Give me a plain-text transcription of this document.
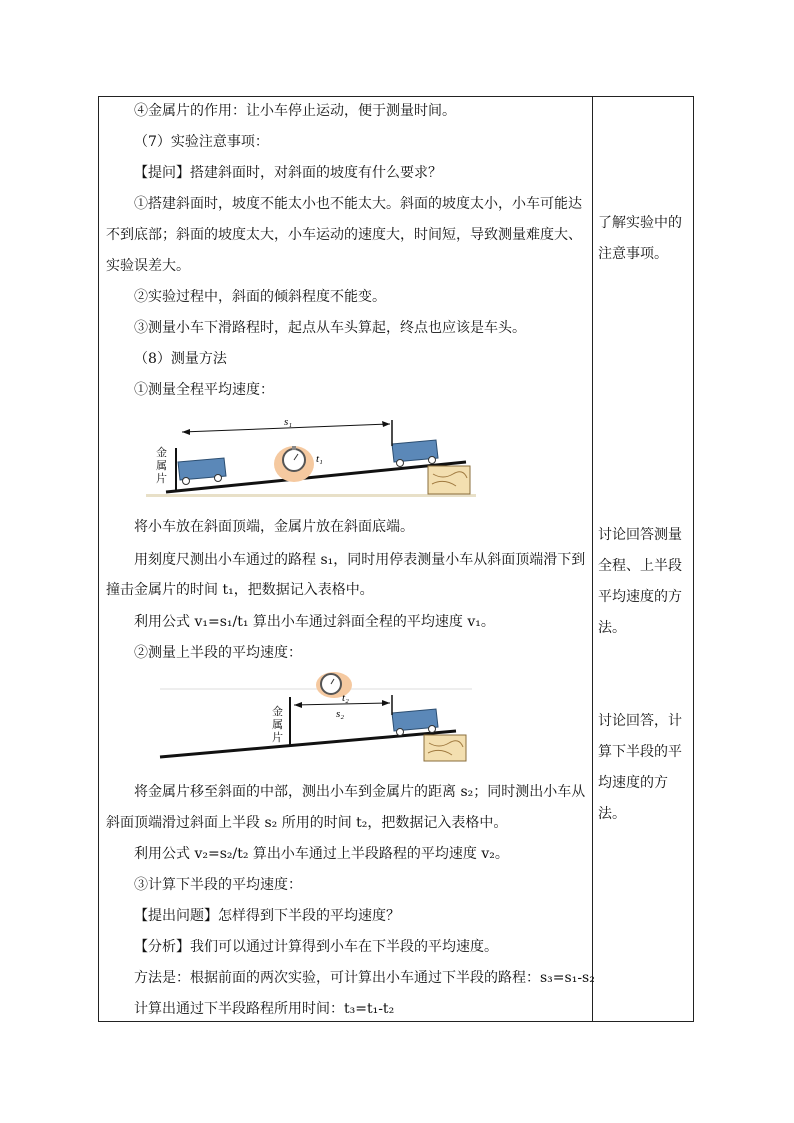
④金属片的作用：让小车停止运动，便于测量时间。

（7）实验注意事项：

【提问】搭建斜面时，对斜面的坡度有什么要求？

①搭建斜面时，坡度不能太小也不能太大。斜面的坡度太小，小车可能达

不到底部；斜面的坡度太大，小车运动的速度大，时间短，导致测量难度大、

实验误差大。

②实验过程中，斜面的倾斜程度不能变。

③测量小车下滑路程时，起点从车头算起，终点也应该是车头。

（8）测量方法

①测量全程平均速度：

金
属
片
s₁
t₁

将小车放在斜面顶端，金属片放在斜面底端。

用刻度尺测出小车通过的路程 s₁，同时用停表测量小车从斜面顶端滑下到

撞击金属片的时间 t₁，把数据记入表格中。

利用公式 v₁=s₁/t₁ 算出小车通过斜面全程的平均速度 v₁。

②测量上半段的平均速度：

金
属
片
s₂
t₂

将金属片移至斜面的中部，测出小车到金属片的距离 s₂；同时测出小车从

斜面顶端滑过斜面上半段 s₂ 所用的时间 t₂，把数据记入表格中。

利用公式 v₂=s₂/t₂ 算出小车通过上半段路程的平均速度 v₂。

③计算下半段的平均速度：

【提出问题】怎样得到下半段的平均速度？

【分析】我们可以通过计算得到小车在下半段的平均速度。

方法是：根据前面的两次实验，可计算出小车通过下半段的路程：s₃=s₁-s₂

计算出通过下半段路程所用时间：t₃=t₁-t₂

了解实验中的注意事项。
讨论回答测量全程、上半段平均速度的方法。
讨论回答，计算下半段的平均速度的方法。
